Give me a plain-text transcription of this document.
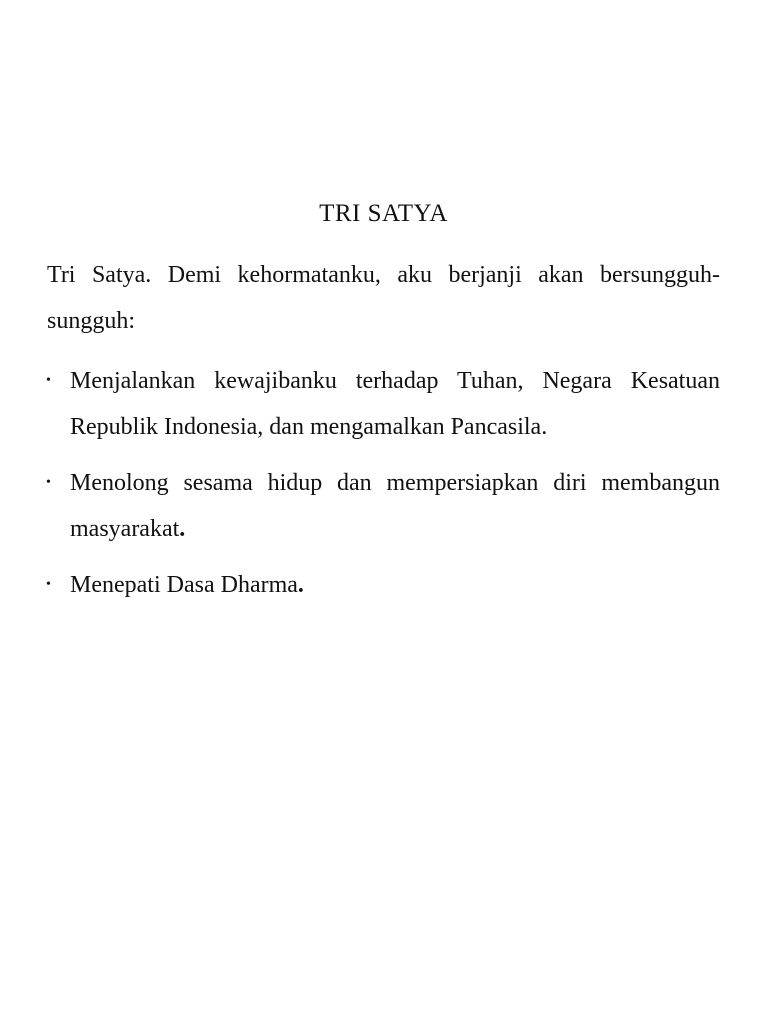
TRI SATYA

Tri Satya. Demi kehormatanku, aku berjanji akan bersungguh-sungguh:

• Menjalankan kewajibanku terhadap Tuhan, Negara Kesatuan Republik Indonesia, dan mengamalkan Pancasila.
• Menolong sesama hidup dan mempersiapkan diri membangun masyarakat.
• Menepati Dasa Dharma.
